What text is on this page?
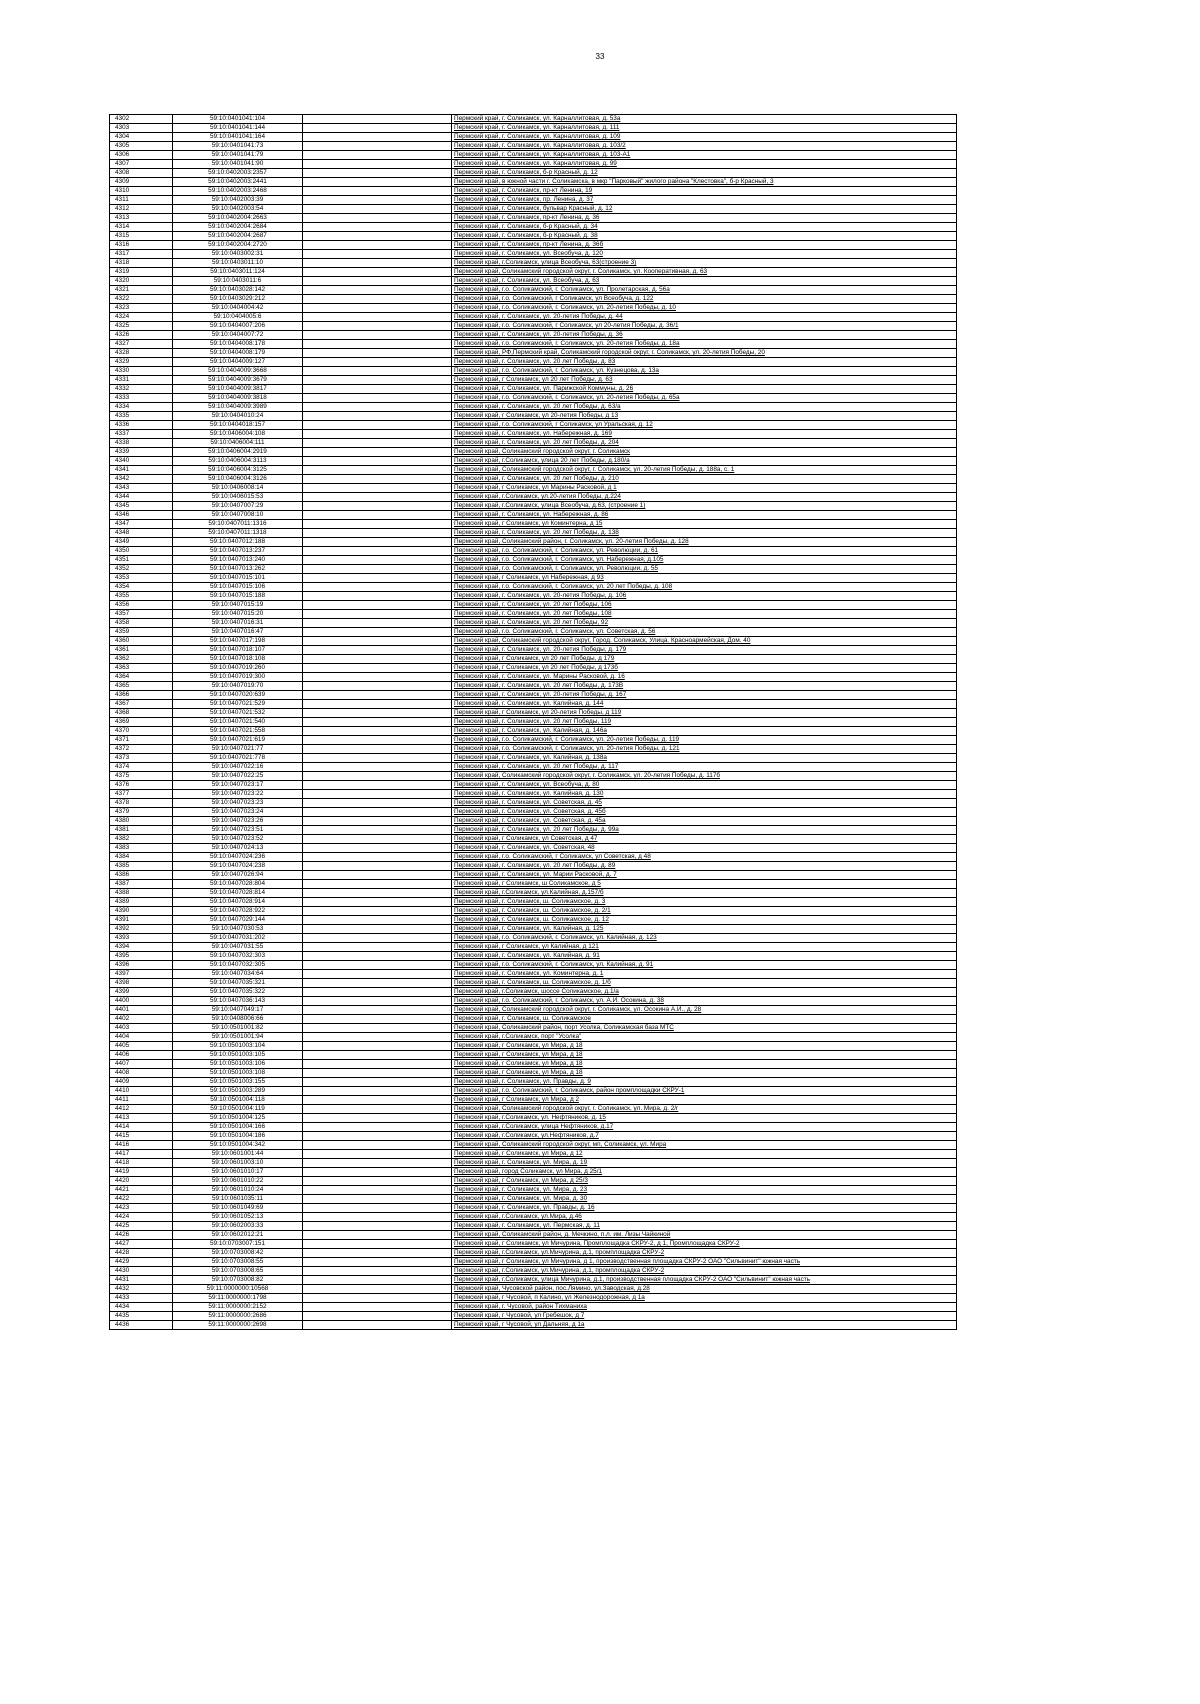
33
4302	59:10:0401041:104		Пермский край, г. Соликамск, ул. Карналлитовая, д. 53а
4303	59:10:0401041:144		Пермский край, г. Соликамск, ул. Карналлитовая, д. 111
4304	59:10:0401041:164		Пермский край, г. Соликамск, ул. Карналлитовая, д. 109
4305	59:10:0401041:73		Пермский край, г. Соликамск, ул. Карналлитовая, д. 103/2
4306	59:10:0401041:79		Пермский край, г. Соликамск, ул. Карналлитовая, д. 103-А1
4307	59:10:0401041:90		Пермский край, г. Соликамск, ул. Карналлитовая, д. 99
4308	59:10:0402003:2357		Пермский край, г. Соликамск, б-р Красный, д. 12
4309	59:10:0402003:2441		Пермский край, в южной части г. Соликамска, в мкр "Парковый" жилого района "Клестовка", б-р Красный, 3
4310	59:10:0402003:2468		Пермский край, г. Соликамск, пр-кт Ленина, 19
4311	59:10:0402003:39		Пермский край, г. Соликамск, пр. Ленина, д. 37
4312	59:10:0402003:54		Пермский край, г. Соликамск, бульвар Красный, д. 12
4313	59:10:0402004:2663		Пермский край, г. Соликамск, пр-кт Ленина, д. 36
4314	59:10:0402004:2684		Пермский край, г. Соликамск, б-р Красный, д. 34
4315	59:10:0402004:2687		Пермский край, г. Соликамск, б-р Красный, д. 38
4316	59:10:0402004:2720		Пермский край, г. Соликамск, пр-кт Ленина, д. 36б
4317	59:10:0403002:31		Пермский край, г. Соликамск, ул. Всеобуча, д. 120
4318	59:10:0403011:10		Пермский край, г.Соликамск, улица Всеобуча, 63(строение 3)
4319	59:10:0403011:124		Пермский край, Соликамский городской округ, г. Соликамск, ул. Кооперативная, д. 63
4320	59:10:0403011:6		Пермский край, г. Соликамск, ул. Всеобуча, д. 63
4321	59:10:0403028:142		Пермский край, г.о. Соликамский, г. Соликамск, ул. Пролетарская, д. 56а
4322	59:10:0403029:212		Пермский край, г.о. Соликамский, г Соликамск, ул Всеобуча, д. 122
4323	59:10:0404004:42		Пермский край, г.о. Соликамский, г. Соликамск, ул. 20-летия Победы, д. 10
4324	59:10:0404005:6		Пермский край, г. Соликамск, ул. 20-летия Победы, д. 44
4325	59:10:0404007:206		Пермский край, г.о. Соликамский, г Соликамск, ул 20-летия Победы, д. 36/1
4326	59:10:0404007:72		Пермский край, г. Соликамск, ул. 20-летия Победы, д. 36
4327	59:10:0404008:178		Пермский край, г.о. Соликамский, г. Соликамск, ул. 20-летия Победы, д. 18а
4328	59:10:0404008:179		Пермский край, РФ,Пермский край, Соликамский городской округ, г. Соликамск, ул. 20-летия Победы, 20
4329	59:10:0404009:127		Пермский край, г. Соликамск, ул. 20 лет Победы, д. 83
4330	59:10:0404009:3668		Пермский край, г.о. Соликамский, г. Соликамск, ул. Кузнецова, д. 13а
4331	59:10:0404009:3679		Пермский край, г Соликамск, ул 20 лет Победы, д. 63
4332	59:10:0404009:3817		Пермский край, г. Соликамск, ул. Парижской Коммуны, д. 26
4333	59:10:0404009:3818		Пермский край, г.о. Соликамский, г. Соликамск, ул. 20-летия Победы, д. 65а
4334	59:10:0404009:3989		Пермский край, г. Соликамск, ул. 20 лет Победы, д. 63/а
4335	59:10:0404010:24		Пермский край, г Соликамск, ул 20-летия Победы, д 13
4336	59:10:0404018:157		Пермский край, г.о. Соликамский, г Соликамск, ул Уральская, д. 12
4337	59:10:0406004:108		Пермский край, г. Соликамск, ул. Набережная, д. 169
4338	59:10:0406004:111		Пермский край, г. Соликамск, ул. 20 лет Победы, д. 204
4339	59:10:0406004:2919		Пермский край, Соликамский городской округ, г. Соликамск
4340	59:10:0406004:3113		Пермский край, г.Соликамск, улица 20 лет Победы, д.180/а
4341	59:10:0406004:3125		Пермский край, Соликамский городской округ, г. Соликамск, ул. 20-летия Победы, д. 188а, с. 1
4342	59:10:0406004:3126		Пермский край, г. Соликамск, ул. 20 лет Победы, д. 210
4343	59:10:0406008:14		Пермский край, г Соликамск, ул Марины Расковой, д 1
4344	59:10:0406015:53		Пермский край, г.Соликамск, ул.20-летия Победы, д.224
4345	59:10:0407007:29		Пермский край, г.Соликамск, улица Всеобуча, д.63, (строение 1)
4346	59:10:0407008:10		Пермский край, г. Соликамск, ул. Набережная, д. 86
4347	59:10:0407011:1316		Пермский край, г Соликамск, ул Коминтерна, д 15
4348	59:10:0407011:1318		Пермский край, г. Соликамск, ул. 20 лет Победы, д. 138
4349	59:10:0407012:188		Пермский край, Соликамский район, г. Соликамск, ул. 20-летия Победы, д. 128
4350	59:10:0407013:237		Пермский край, г.о. Соликамский, г. Соликамск, ул. Революции, д. 61
4351	59:10:0407013:240		Пермский край, г.о. Соликамский, г. Соликамск, ул. Набережная, д.105
4352	59:10:0407013:262		Пермский край, г.о. Соликамский, г. Соликамск, ул. Революции, д. 55
4353	59:10:0407015:101		Пермский край, г Соликамск, ул Набережная, д 93
4354	59:10:0407015:106		Пермский край, г.о. Соликамский, г. Соликамск, ул. 20 лет Победы, д. 108
4355	59:10:0407015:188		Пермский край, г. Соликамск, ул. 20-летия Победы, д. 106
4356	59:10:0407015:19		Пермский край, г. Соликамск, ул. 20 лет Победы, 106
4357	59:10:0407015:20		Пермский край, г. Соликамск, ул. 20 лет Победы, 108
4358	59:10:0407016:31		Пермский край, г. Соликамск, ул. 20 лет Победы, 92
4359	59:10:0407016:47		Пермский край, г.о. Соликамский, г. Соликамск, ул. Советская, д. 56
4360	59:10:0407017:198		Пермский край, Соликамский городской округ, Город. Соликамск, Улица. Красноармейская, Дом. 40
4361	59:10:0407018:107		Пермский край, г. Соликамск, ул. 20-летия Победы, д. 179
4362	59:10:0407018:108		Пермский край, г Соликамск, ул 20 лет Победы, д 179
4363	59:10:0407019:260		Пермский край, г Соликамск, ул 20 лет Победы, д 173б
4364	59:10:0407019:300		Пермский край, г. Соликамск, ул. Марины Расковой, д. 16
4365	59:10:0407019:70		Пермский край, г. Соликамск, ул. 20 лет Победы, д. 173В
4366	59:10:0407020:639		Пермский край, г. Соликамск, ул. 20-летия Победы, д. 167
4367	59:10:0407021:529		Пермский край, г. Соликамск, ул. Калийная, д. 144
4368	59:10:0407021:532		Пермский край, г Соликамск, ул 20-летия Победы, д 119
4369	59:10:0407021:540		Пермский край, г. Соликамск, ул. 20 лет Победы, 119
4370	59:10:0407021:558		Пермский край, г. Соликамск, ул. Калийная, д. 146а
4371	59:10:0407021:619		Пермский край, г.о. Соликамский, г. Соликамск, ул. 20-летия Победы, д. 119
4372	59:10:0407021:77		Пермский край, г.о. Соликамский, г. Соликамск, ул. 20-летия Победы, д. 121
4373	59:10:0407021:778		Пермский край, г. Соликамск, ул. Калийная, д. 138а
4374	59:10:0407022:16		Пермский край, г. Соликамск, ул. 20 лет Победы, д. 117
4375	59:10:0407022:25		Пермский край, Соликамский городской округ, г. Соликамск, ул. 20-летия Победы, д. 117б
4376	59:10:0407023:17		Пермский край, г. Соликамск, ул. Всеобуча, д. 80
4377	59:10:0407023:22		Пермский край, г. Соликамск, ул. Калийная, д. 130
4378	59:10:0407023:23		Пермский край, г. Соликамск, ул. Советская, д. 45
4379	59:10:0407023:24		Пермский край, г. Соликамск, ул. Советская, д. 45б
4380	59:10:0407023:26		Пермский край, г. Соликамск, ул. Советская, д. 45а
4381	59:10:0407023:51		Пермский край, г. Соликамск, ул. 20 лет Победы, д. 99а
4382	59:10:0407023:52		Пермский край, г Соликамск, ул Советская, д 47
4383	59:10:0407024:13		Пермский край, г. Соликамск, ул. Советская, 48
4384	59:10:0407024:236		Пермский край, г.о. Соликамский, г Соликамск, ул Советская, д 48
4385	59:10:0407024:238		Пермский край, г. Соликамск, ул. 20 лет Победы, д. 89
4386	59:10:0407026:94		Пермский край, г. Соликамск, ул. Марии Расковой, д. 7
4387	59:10:0407028:804		Пермский край, г Соликамск, ш Соликамское, д 5
4388	59:10:0407028:814		Пермский край, г.Соликамск, ул.Калийная, д.157/б
4389	59:10:0407028:914		Пермский край, г. Соликамск, ш. Соликамское, д. 3
4390	59:10:0407028:922		Пермский край, г. Соликамск, ш. Соликамское, д. 2/1
4391	59:10:0407029:144		Пермский край, г. Соликамск, ш. Соликамское, д. 12
4392	59:10:0407030:53		Пермский край, г. Соликамск, ул. Калийная, д. 125
4393	59:10:0407031:202		Пермский край, г.о. Соликамский, г. Соликамск, ул. Калийная, д. 123
4394	59:10:0407031:55		Пермский край, г Соликамск, ул Калийная, д 121
4395	59:10:0407032:303		Пермский край, г. Соликамск, ул. Калийная, д. 91
4396	59:10:0407032:305		Пермский край, г.о. Соликамский, г. Соликамск, ул. Калийная, д. 91
4397	59:10:0407034:64		Пермский край, г. Соликамск, ул. Коминтерна, д. 1
4398	59:10:0407035:321		Пермский край, г. Соликамск, ш. Соликамское, д. 1/б
4399	59:10:0407035:322		Пермский край, г.Соликамск, шоссе Соликамское, д.1/а
4400	59:10:0407036:143		Пермский край, г.о. Соликамский, г. Соликамск, ул. А.И. Осокина, д. 38
4401	59:10:0407049:17		Пермский край, Соликамский городской округ, г. Соликамск, ул. Осокина А.И., д. 28
4402	59:10:0408006:66		Пермский край, г. Соликамск, ш. Соликамское
4403	59:10:0501001:82		Пермский край, Соликамский район, порт Усолка, Соликамская база МТС
4404	59:10:0501001:94		Пермский край, г.Соликамск, порт "Усолка"
4405	59:10:0501003:104		Пермский край, г Соликамск, ул Мира, д 18
4406	59:10:0501003:105		Пермский край, г Соликамск, ул Мира, д 18
4407	59:10:0501003:106		Пермский край, г Соликамск, ул Мира, д 18
4408	59:10:0501003:108		Пермский край, г Соликамск, ул Мира, д 18
4409	59:10:0501003:155		Пермский край, г. Соликамск, ул. Правды, д. 9
4410	59:10:0501003:289		Пермский край, г.о. Соликамский, г. Соликамск, район промплощадки СКРУ-1
4411	59:10:0501004:118		Пермский край, г Соликамск, ул Мира, д 2
4412	59:10:0501004:119		Пермский край, Соликамский городской округ, г. Соликамск, ул. Мира, д. 2/г
4413	59:10:0501004:125		Пермский край, г.Соликамск, ул. Нефтяников, д. 15
4414	59:10:0501004:166		Пермский край, г.Соликамск, улица Нефтяников, д.17
4415	59:10:0501004:186		Пермский край, г.Соликамск, ул.Нефтяников, д.7
4416	59:10:0501004:342		Пермский край, Соликамский городской округ, мп, Соликамск, ул. Мира
4417	59:10:0601001:44		Пермский край, г Соликамск, ул Мира, д 12
4418	59:10:0601003:10		Пермский край, г. Соликамск, ул. Мира, д. 19
4419	59:10:0601010:17		Пермский край, город Соликамск, ул Мира, д 25/1
4420	59:10:0601010:22		Пермский край, г Соликамск, ул Мира, д 25/3
4421	59:10:0601010:24		Пермский край, г. Соликамск, ул. Мира, д. 23
4422	59:10:0601035:11		Пермский край, г. Соликамск, ул. Мира, д. 30
4423	59:10:0601049:69		Пермский край, г. Соликамск, ул. Правды, д. 16
4424	59:10:0601052:13		Пермский край, г.Соликамск, ул.Мира, д.46
4425	59:10:0602003:33		Пермский край, г. Соликамск, ул. Пермская, д. 11
4426	59:10:0602012:21		Пермский край, Соликамский район, д. Мечкино, п.л. им. Лизы Чайкиной
4427	59:10:0703007:151		Пермский край, г Соликамск, ул Мичурина, Промплощадка СКРУ-2, д 1, Промплощадка СКРУ-2
4428	59:10:0703008:42		Пермский край, г.Соликамск, ул.Мичурина, д.1, промплощадка СКРУ-2
4429	59:10:0703008:55		Пермский край, г Соликамск, ул Мичурина, д 1, производственная площадка СКРУ-2 ОАО "Сильвинит" южная часть
4430	59:10:0703008:65		Пермский край, г.Соликамск, ул.Мичурина, д.1, промплощадка СКРУ-2
4431	59:10:0703008:82		Пермский край, г.Соликамск, улица Мичурина, д.1, производственная площадка СКРУ-2 ОАО "Сильвинит" южная часть
4432	59:11:0000000:10568		Пермский край, Чусовской район, пос.Лямино, ул.Заводская, д.28
4433	59:11:0000000:1798		Пермский край, г Чусовой, п Калино, ул Железнодорожная, д 1а
4434	59:11:0000000:2152		Пермский край, г. Чусовой, район Тихманиха
4435	59:11:0000000:2686		Пермский край, г Чусовой, ул Гребешок, д 7
4436	59:11:0000000:2698		Пермский край, г Чусовой, ул Дальняя, д 1а
